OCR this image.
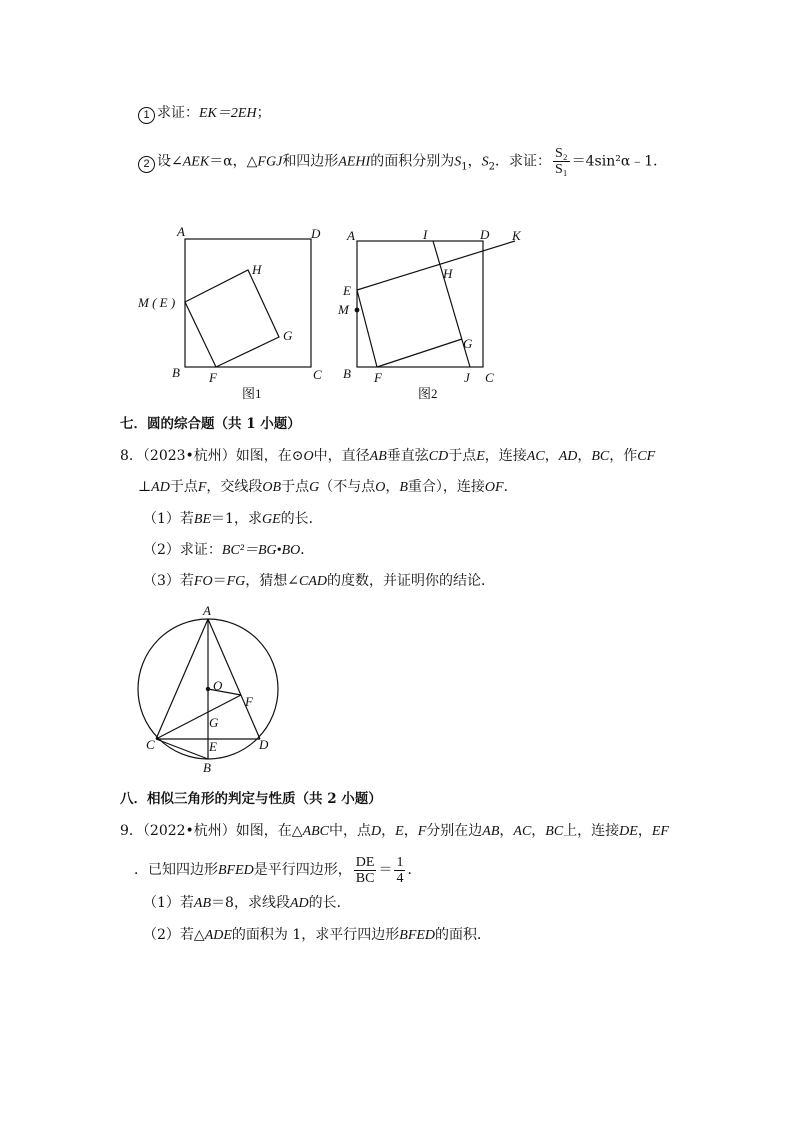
1 求证：EK＝2EH；
2 设∠AEK＝α，△FGJ和四边形AEHI的面积分别为$S_1$，$S_2$．求证： $\frac{\text{S₂}}{\text{S₁}}$ ＝4sin²α﹣1．
A	D
M ( E )
H
G
B F	C
图1
A	I	D K
E
H
M
G
B F	J C
图2
A
O
F
G
C	E	D
B
七．圆的综合题（共 1 小题）
8．（2023•杭州）如图，在⊙O中，直径AB垂直弦CD于点E，连接AC，AD，BC，作CF
⊥AD于点F，交线段OB于点G（不与点O，B重合），连接OF．
（1）若BE＝1，求GE的长．
（2）求证：BC²＝BG•BO．
（3）若FO＝FG，猜想∠CAD的度数，并证明你的结论．
八．相似三角形的判定与性质（共 2 小题）
9．（2022•杭州）如图，在△ABC中，点D，E，F分别在边AB，AC，BC上，连接DE，EF
．已知四边形BFED是平行四边形， $\frac{DE}{BC} = \frac{1}{4}$ ．
（1）若AB＝8，求线段AD的长．
（2）若△ADE的面积为 1，求平行四边形BFED的面积．
